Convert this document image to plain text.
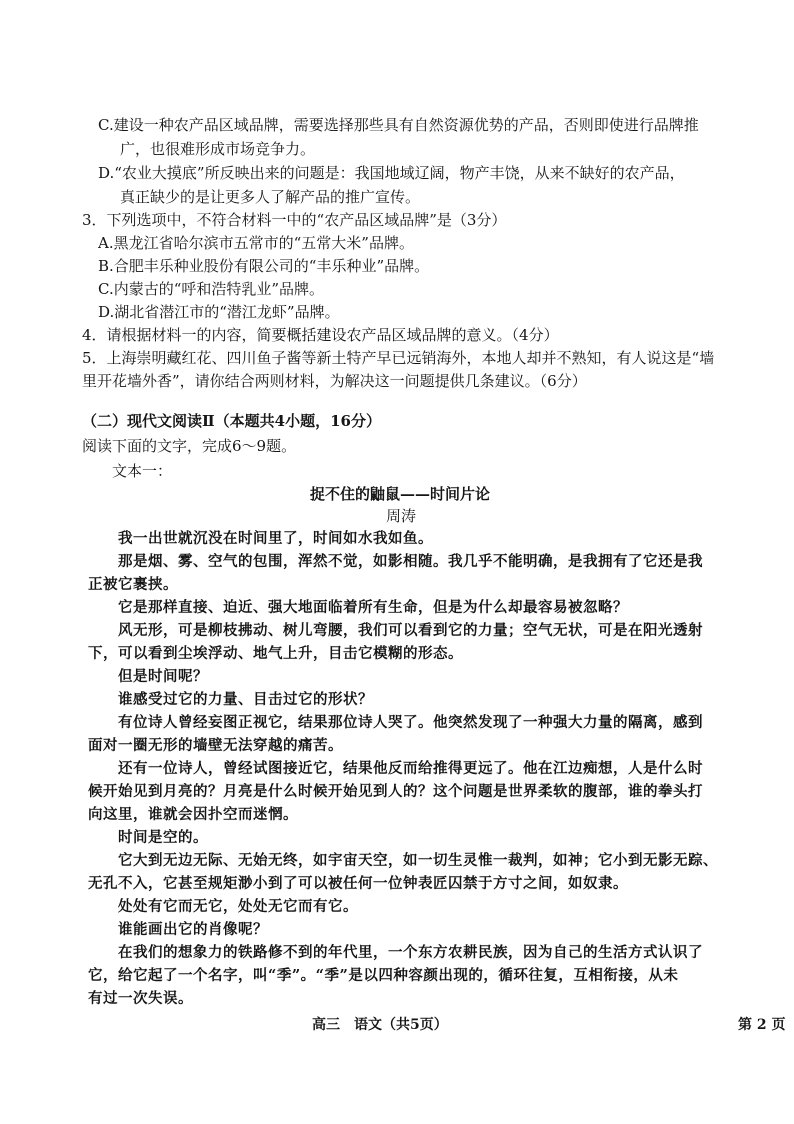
C.建设一种农产品区域品牌，需要选择那些具有自然资源优势的产品，否则即使进行品牌推
广，也很难形成市场竞争力。
D.“农业大摸底”所反映出来的问题是：我国地域辽阔，物产丰饶，从来不缺好的农产品，
真正缺少的是让更多人了解产品的推广宣传。
3．下列选项中，不符合材料一中的“农产品区域品牌”是（3分）
A.黑龙江省哈尔滨市五常市的“五常大米”品牌。
B.合肥丰乐种业股份有限公司的“丰乐种业”品牌。
C.内蒙古的“呼和浩特乳业”品牌。
D.湖北省潜江市的“潜江龙虾”品牌。
4．请根据材料一的内容，简要概括建设农产品区域品牌的意义。（4分）
5．上海崇明藏红花、四川鱼子酱等新土特产早已远销海外，本地人却并不熟知，有人说这是“墙
里开花墙外香”，请你结合两则材料，为解决这一问题提供几条建议。（6分）
（二）现代文阅读Ⅱ（本题共4小题，16分）
阅读下面的文字，完成6～9题。
文本一：
捉不住的鼬鼠——时间片论
周涛
我一出世就沉没在时间里了，时间如水我如鱼。
那是烟、雾、空气的包围，浑然不觉，如影相随。我几乎不能明确，是我拥有了它还是我
正被它裹挟。
它是那样直接、迫近、强大地面临着所有生命，但是为什么却最容易被忽略？
风无形，可是柳枝拂动、树儿弯腰，我们可以看到它的力量；空气无状，可是在阳光透射
下，可以看到尘埃浮动、地气上升，目击它模糊的形态。
但是时间呢？
谁感受过它的力量、目击过它的形状？
有位诗人曾经妄图正视它，结果那位诗人哭了。他突然发现了一种强大力量的隔离，感到
面对一圈无形的墙壁无法穿越的痛苦。
还有一位诗人，曾经试图接近它，结果他反而给推得更远了。他在江边痴想，人是什么时
候开始见到月亮的？月亮是什么时候开始见到人的？这个问题是世界柔软的腹部，谁的拳头打
向这里，谁就会因扑空而迷惘。
时间是空的。
它大到无边无际、无始无终，如宇宙天空，如一切生灵惟一裁判，如神；它小到无影无踪、
无孔不入，它甚至规矩渺小到了可以被任何一位钟表匠囚禁于方寸之间，如奴隶。
处处有它而无它，处处无它而有它。
谁能画出它的肖像呢？
在我们的想象力的铁路修不到的年代里，一个东方农耕民族，因为自己的生活方式认识了
它，给它起了一个名字，叫“季”。“季”是以四种容颜出现的，循环往复，互相衔接，从未
有过一次失误。
高三　语文（共5页）	第 2 页
